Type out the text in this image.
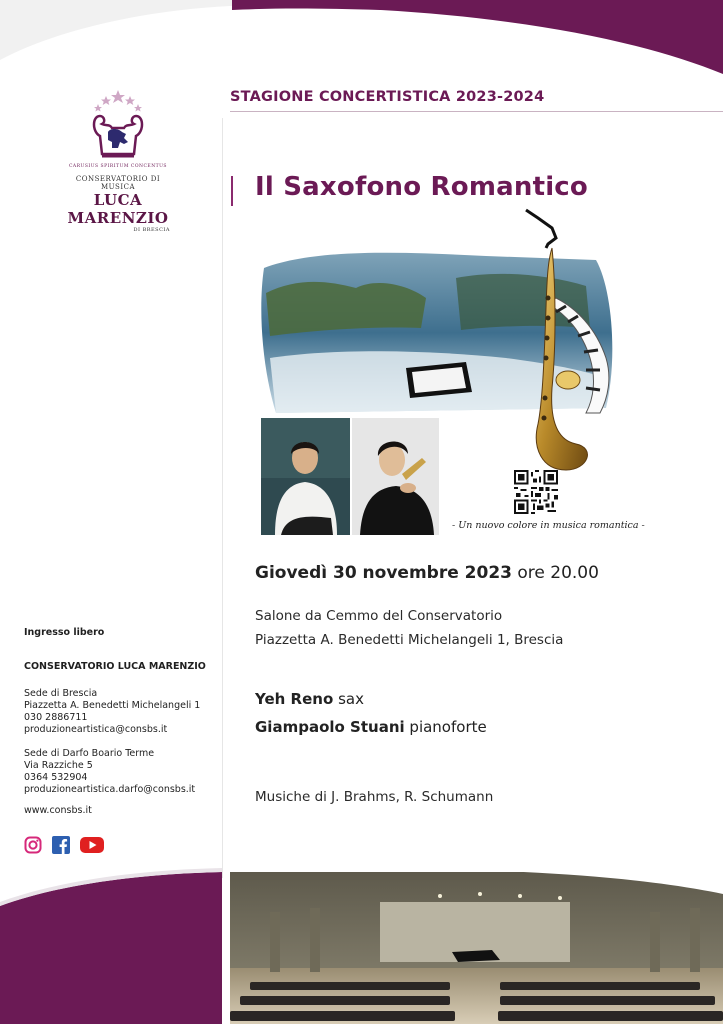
CARUSIUS SPIRITUM CONCENTUS
CONSERVATORIO DI MUSICA
LUCA MARENZIO
DI BRESCIA
STAGIONE CONCERTISTICA 2023-2024
Il Saxofono Romantico
- Un nuovo colore in musica romantica -
Giovedì 30 novembre 2023 ore 20.00
Salone da Cemmo del Conservatorio
Piazzetta A. Benedetti Michelangeli 1, Brescia
Yeh Reno sax
Giampaolo Stuani pianoforte
Musiche di J. Brahms, R. Schumann
Ingresso libero
CONSERVATORIO LUCA MARENZIO
Sede di Brescia
Piazzetta A. Benedetti Michelangeli 1
030 2886711
produzioneartistica@consbs.it
Sede di Darfo Boario Terme
Via Razziche 5
0364 532904
produzioneartistica.darfo@consbs.it
www.consbs.it
